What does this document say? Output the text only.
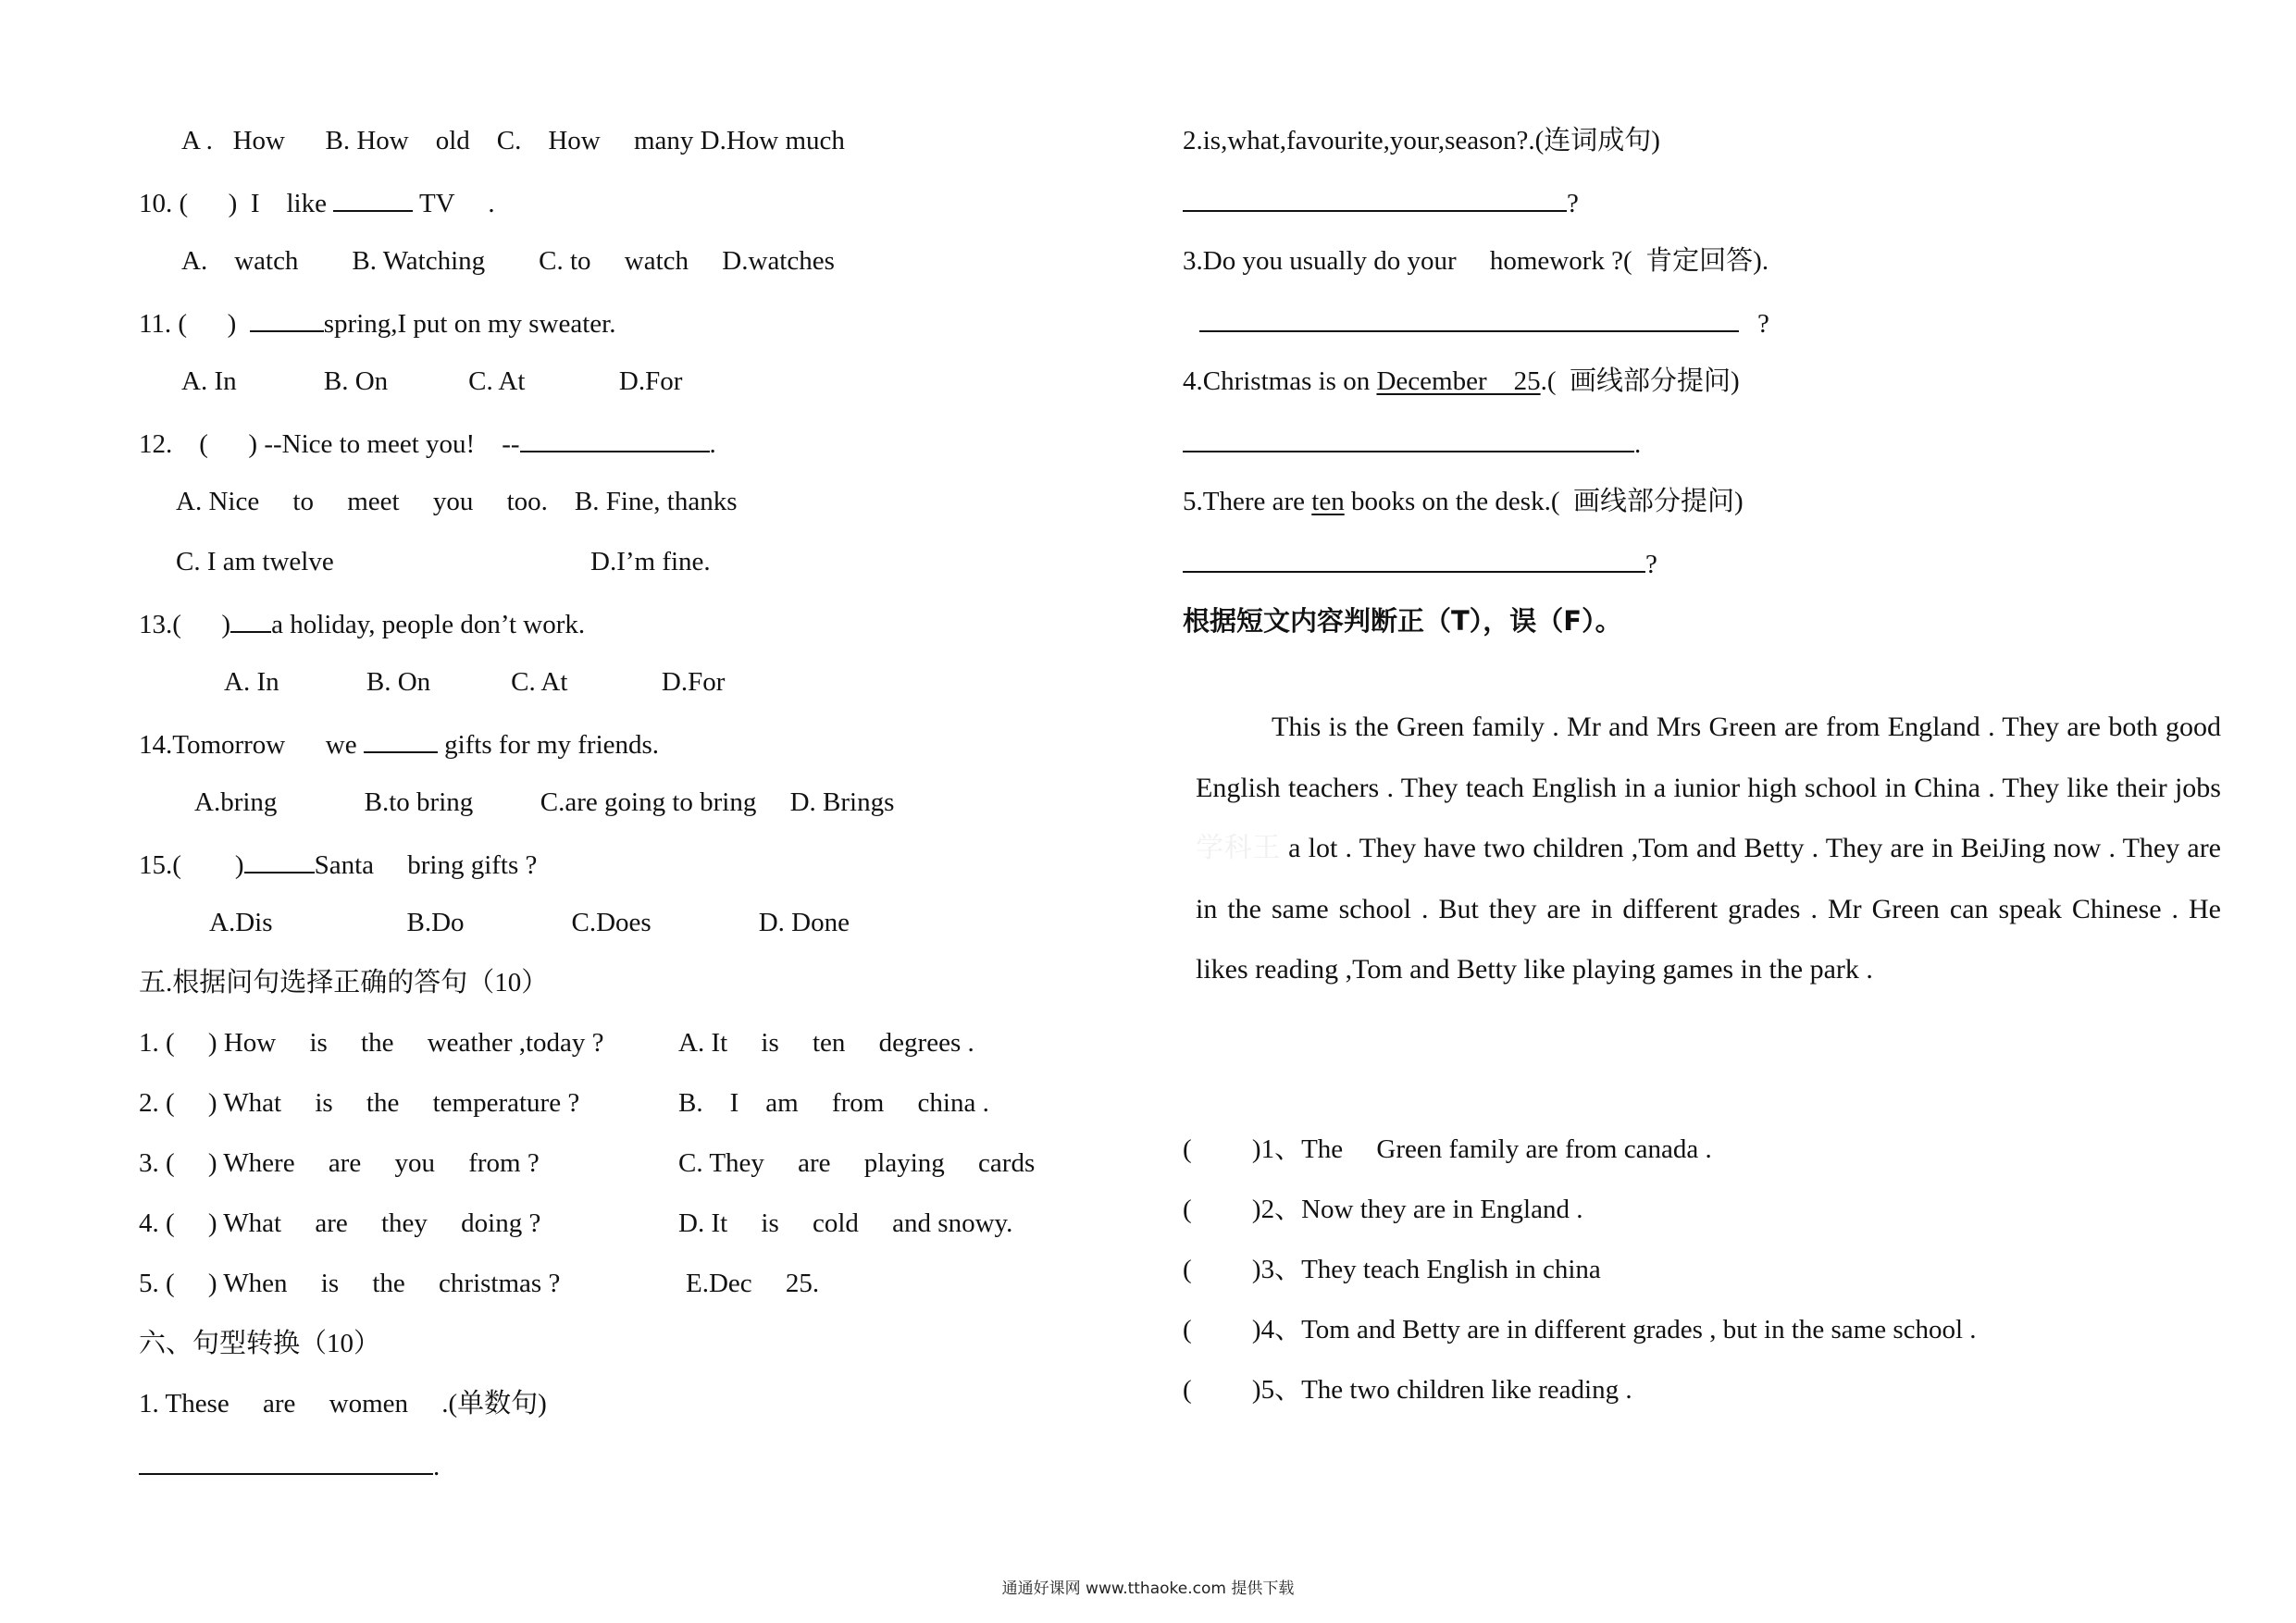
A .   How      B. How    old    C.    How     many D.How much
10. (      )  I    like	TV     .
A.    watch        B. Watching        C. to     watch     D.watches
11. (      )	spring,I put on my sweater.
A. In             B. On            C. At              D.For
12.    (      ) --Nice to meet you!    --	.
A. Nice     to     meet     you     too.    B. Fine, thanks
C. I am twelve	D.I’m fine.
13.(      ) a holiday, people don’t work.
A. In             B. On            C. At              D.For
14.Tomorrow      we	gifts for my friends.
A.bring             B.to bring          C.are going to bring     D. Brings
15.(        )	Santa     bring gifts ?
A.Dis                    B.Do                C.Does                D. Done
五.根据问句选择正确的答句（10）
1. (     ) How     is     the     weather ,today ?	A. It     is     ten     degrees .
2. (     ) What     is     the     temperature ?	B.    I    am     from     china .
3. (     ) Where     are     you     from ?	C. They     are     playing     cards
4. (     ) What     are     they     doing ?	D. It     is     cold     and snowy.
5. (     ) When     is     the     christmas ?	E.Dec     25.
六、句型转换（10）
1. These     are     women     .(单数句)
.
2.is,what,favourite,your,season?.(连词成句)
?
3.Do you usually do your     homework ?(  肯定回答).
?
4.Christmas is on December    25.(  画线部分提问)
.
5.There are ten books on the desk.(  画线部分提问)
?
根据短文内容判断正（T），误（F）。
This is the Green family . Mr and Mrs Green are from England . They are both good English teachers . They teach English in a iunior high school in China . They like their jobs 学科王 a lot . They have two children ,Tom and Betty . They are in BeiJing now . They are in the same school . But they are in different grades . Mr Green can speak Chinese . He likes reading ,Tom and Betty like playing games in the park .
(         )1、The     Green family are from canada .
(         )2、Now they are in England .
(         )3、They teach English in china
(         )4、Tom and Betty are in different grades , but in the same school .
(         )5、The two children like reading .
通通好课网 www.tthaoke.com 提供下载
